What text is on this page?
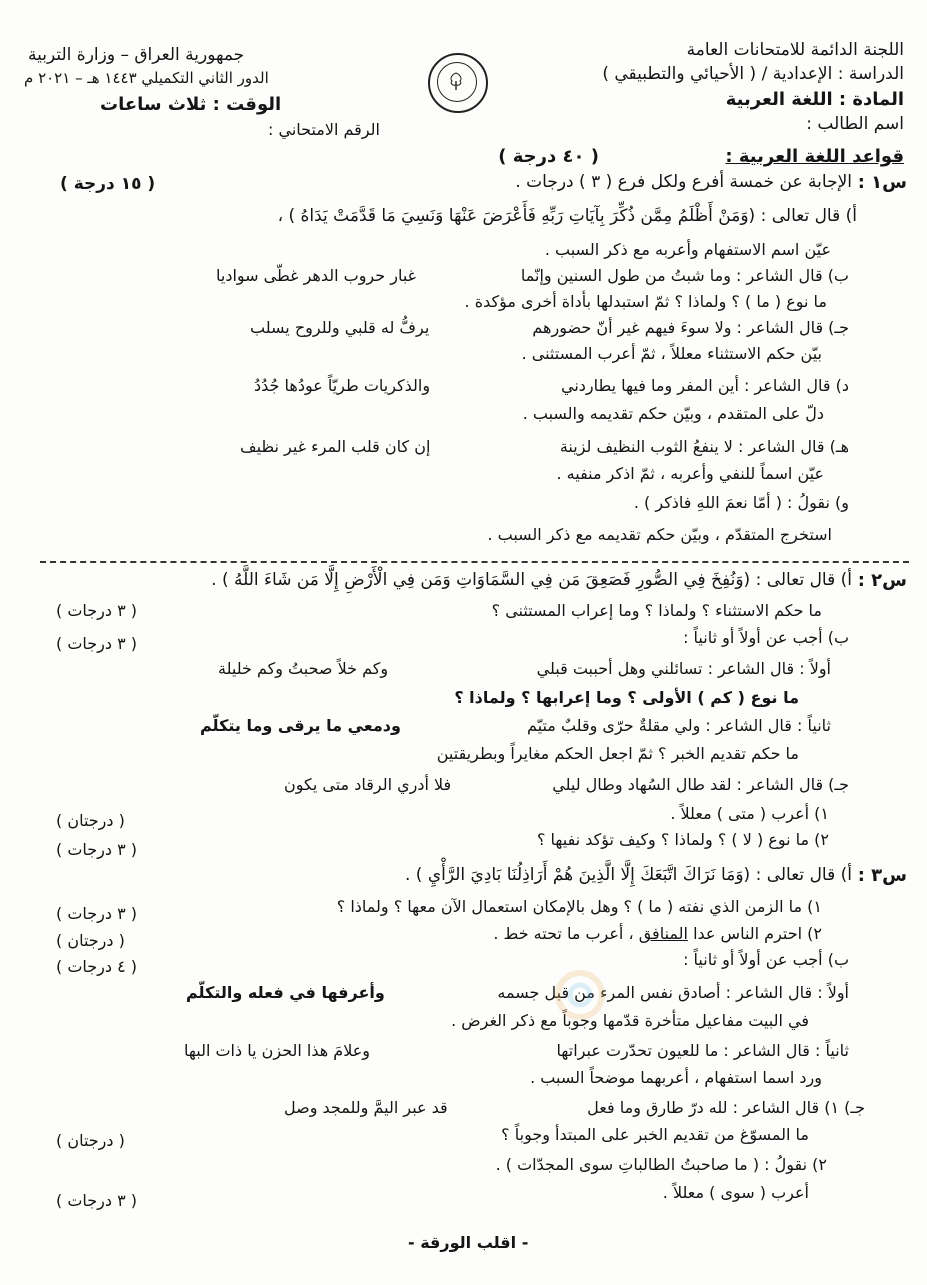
اللجنة الدائمة للامتحانات العامة
الدراسة : الإعدادية / ( الأحيائي والتطبيقي )
المادة : اللغة العربية
اسم الطالب :
جمهورية العراق – وزارة التربية
الدور الثاني التكميلي ١٤٤٣ هـ – ٢٠٢١ م
الوقت : ثلاث ساعات
الرقم الامتحاني :
قواعد اللغة العربية :
( ٤٠ درجة )
س١ :
الإجابة عن خمسة أفرع ولكل فرع ( ٣ ) درجات .
( ١٥ درجة )
أ) قال تعالى : (وَمَنْ أَظْلَمُ مِمَّن ذُكِّرَ بِآيَاتِ رَبِّهِ فَأَعْرَضَ عَنْهَا وَنَسِيَ مَا قَدَّمَتْ يَدَاهُ ) ،
عيّن اسم الاستفهام وأعربه مع ذكر السبب .
ب) قال الشاعر : وما شبتُ من طول السنين وإنّما
غبار حروب الدهر غطّى سواديا
ما نوع ( ما ) ؟ ولماذا ؟ ثمّ استبدلها بأداة أخرى مؤكدة .
جـ) قال الشاعر : ولا سوءَ فيهم غير أنّ حضورهم
يرفُّ له قلبي وللروح يسلب
بيّن حكم الاستثناء معللاً ، ثمّ أعرب المستثنى .
د) قال الشاعر : أين المفر وما فيها يطاردني
والذكريات طريّاً عودُها جُدُدُ
دلّ على المتقدم ، وبيّن حكم تقديمه والسبب .
هـ) قال الشاعر : لا ينفعُ الثوب النظيف لزينة
إن كان قلب المرء غير نظيف
عيّن اسماً للنفي وأعربه ، ثمّ اذكر منفيه .
و) نقولُ : ( أمّا نعمَ اللهِ فاذكر ) .
استخرج المتقدّم ، وبيّن حكم تقديمه مع ذكر السبب .
س٢ :
أ) قال تعالى : (وَنُفِخَ فِي الصُّورِ فَصَعِقَ مَن فِي السَّمَاوَاتِ وَمَن فِي الْأَرْضِ إِلَّا مَن شَاءَ اللَّهُ ) .
ما حكم الاستثناء ؟ ولماذا ؟ وما إعراب المستثنى ؟
( ٣ درجات )
ب) أجب عن أولاً أو ثانياً :
( ٣ درجات )
أولاً : قال الشاعر : تسائلني وهل أحببت قبلي
وكم خلاً صحبتُ وكم خليلة
ما نوع ( كم ) الأولى ؟ وما إعرابها ؟ ولماذا ؟
ثانياً : قال الشاعر : ولي مقلةٌ حرّى وقلبٌ متيّم
ودمعي ما يرقى وما يتكلّم
ما حكم تقديم الخبر ؟ ثمّ اجعل الحكم مغايراً وبطريقتين
جـ) قال الشاعر : لقد طال السُهاد وطال ليلي
فلا أدري الرقاد متى يكون
١) أعرب ( متى ) معللاً .
( درجتان )
٢) ما نوع ( لا ) ؟ ولماذا ؟ وكيف تؤكد نفيها ؟
( ٣ درجات )
س٣ :
أ) قال تعالى : (وَمَا نَرَاكَ اتَّبَعَكَ إِلَّا الَّذِينَ هُمْ أَرَاذِلُنَا بَادِيَ الرَّأْيِ ) .
١) ما الزمن الذي نفته ( ما ) ؟ وهل بالإمكان استعمال الآن معها ؟ ولماذا ؟
( ٣ درجات )
٢) احترم الناس عدا المنافق ، أعرب ما تحته خط .
( درجتان )
ب) أجب عن أولاً أو ثانياً :
( ٤ درجات )
أولاً : قال الشاعر : أصادق نفس المرء من قبل جسمه
وأعرفها في فعله والتكلّم
في البيت مفاعيل متأخرة قدّمها وجوباً مع ذكر الغرض .
ثانياً : قال الشاعر : ما للعيون تحدّرت عبراتها
وعلامَ هذا الحزن يا ذات البها
ورد اسما استفهام ، أعربهما موضحاً السبب .
جـ) ١) قال الشاعر : لله درّ طارق وما فعل
قد عبر اليمَّ وللمجد وصل
ما المسوّغ من تقديم الخبر على المبتدأ وجوباً ؟
( درجتان )
٢) نقولُ : ( ما صاحبتُ الطالباتِ سوى المجدّات ) .
أعرب ( سوى ) معللاً .
( ٣ درجات )
- اقلب الورقة -
